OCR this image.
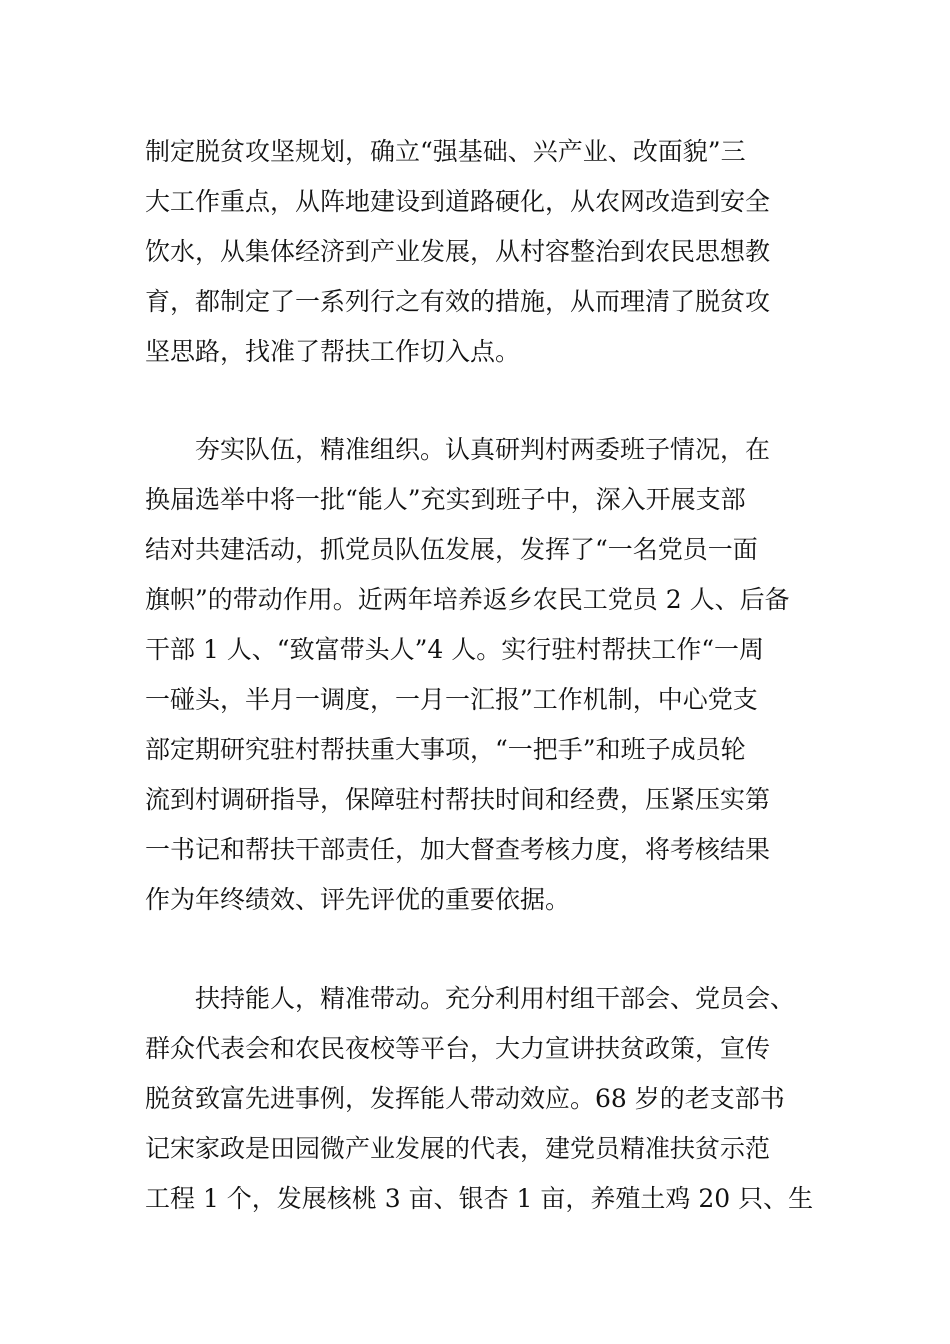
制定脱贫攻坚规划，确立“强基础、兴产业、改面貌”三
大工作重点，从阵地建设到道路硬化，从农网改造到安全
饮水，从集体经济到产业发展，从村容整治到农民思想教
育，都制定了一系列行之有效的措施，从而理清了脱贫攻
坚思路，找准了帮扶工作切入点。
夯实队伍，精准组织。认真研判村两委班子情况，在
换届选举中将一批“能人”充实到班子中，深入开展支部
结对共建活动，抓党员队伍发展，发挥了“一名党员一面
旗帜”的带动作用。近两年培养返乡农民工党员 2 人、后备
干部 1 人、“致富带头人”4 人。实行驻村帮扶工作“一周
一碰头，半月一调度，一月一汇报”工作机制，中心党支
部定期研究驻村帮扶重大事项，“一把手”和班子成员轮
流到村调研指导，保障驻村帮扶时间和经费，压紧压实第
一书记和帮扶干部责任，加大督查考核力度，将考核结果
作为年终绩效、评先评优的重要依据。
扶持能人，精准带动。充分利用村组干部会、党员会、
群众代表会和农民夜校等平台，大力宣讲扶贫政策，宣传
脱贫致富先进事例，发挥能人带动效应。68 岁的老支部书
记宋家政是田园微产业发展的代表，建党员精准扶贫示范
工程 1 个，发展核桃 3 亩、银杏 1 亩，养殖土鸡 20 只、生
